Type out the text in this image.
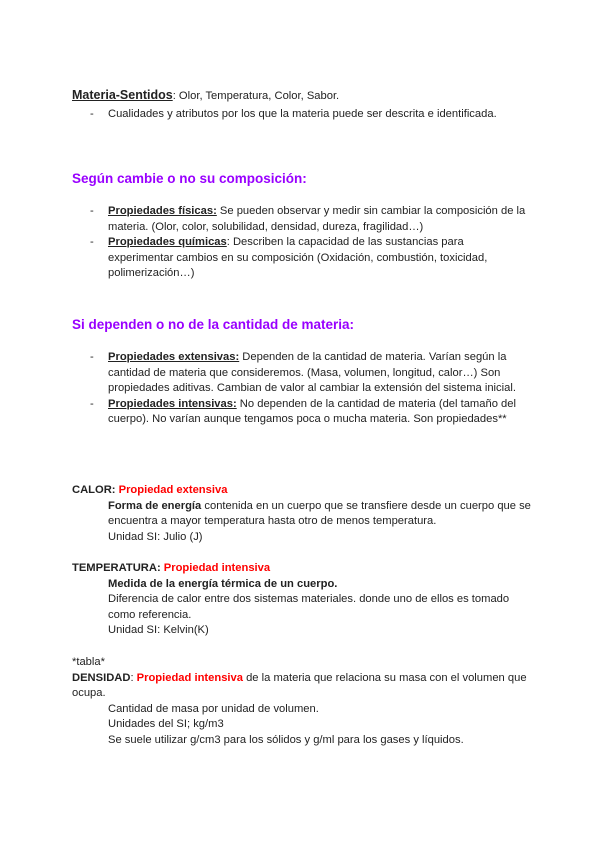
Materia-Sentidos: Olor, Temperatura, Color, Sabor.
- Cualidades y atributos por los que la materia puede ser descrita e identificada.
Según cambie o no su composición:
- Propiedades físicas: Se pueden observar y medir sin cambiar la composición de la materia. (Olor, color, solubilidad, densidad, dureza, fragilidad…)
- Propiedades químicas: Describen la capacidad de las sustancias para experimentar cambios en su composición (Oxidación, combustión, toxicidad, polimerización…)
Si dependen o no de la cantidad de materia:
- Propiedades extensivas: Dependen de la cantidad de materia. Varían según la cantidad de materia que consideremos. (Masa, volumen, longitud, calor…) Son propiedades aditivas. Cambian de valor al cambiar la extensión del sistema inicial.
- Propiedades intensivas: No dependen de la cantidad de materia (del tamaño del cuerpo). No varían aunque tengamos poca o mucha materia. Son propiedades**
CALOR: Propiedad extensiva
Forma de energía contenida en un cuerpo que se transfiere desde un cuerpo que se encuentra a mayor temperatura hasta otro de menos temperatura.
Unidad SI: Julio (J)
TEMPERATURA: Propiedad intensiva
Medida de la energía térmica de un cuerpo.
Diferencia de calor entre dos sistemas materiales. donde uno de ellos es tomado como referencia.
Unidad SI: Kelvin(K)
*tabla*
DENSIDAD: Propiedad intensiva de la materia que relaciona su masa con el volumen que ocupa.
Cantidad de masa por unidad de volumen.
Unidades del SI; kg/m3
Se suele utilizar g/cm3 para los sólidos y g/ml para los gases y líquidos.
